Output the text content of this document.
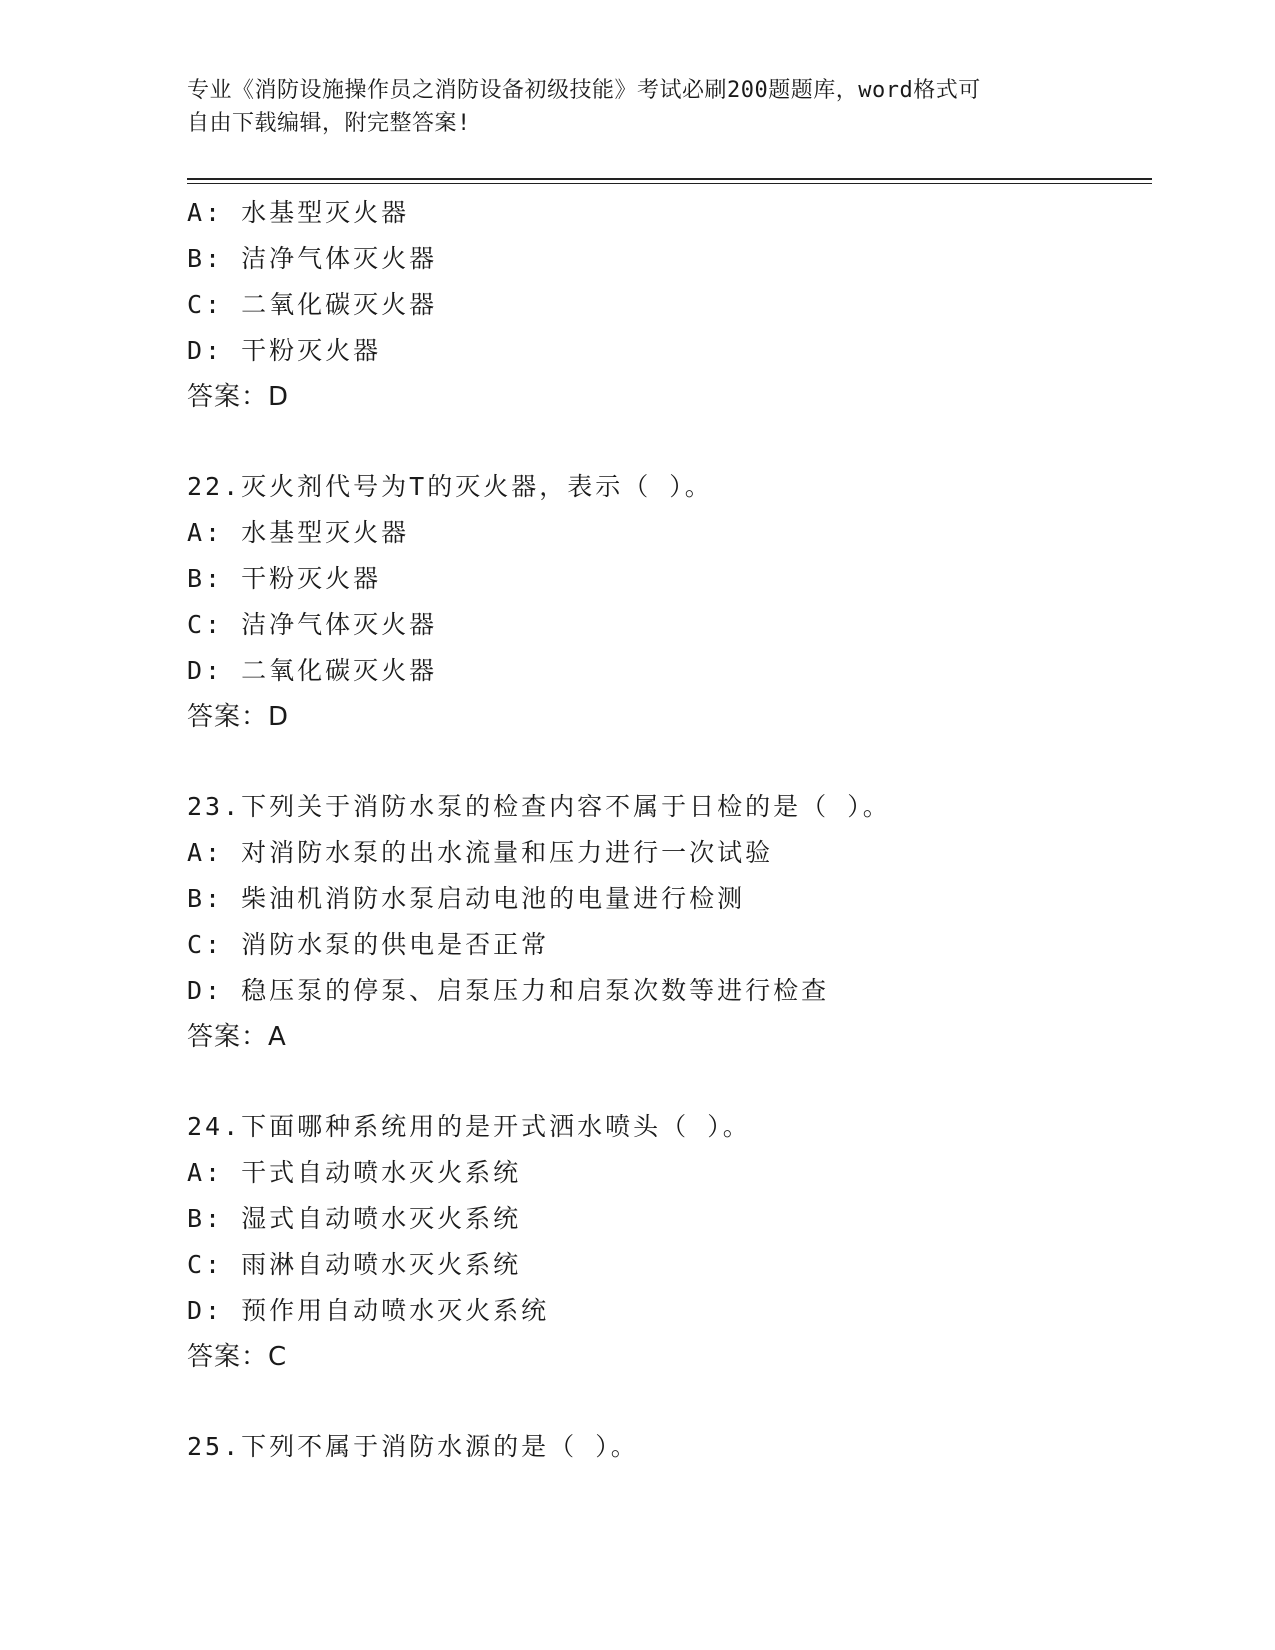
专业《消防设施操作员之消防设备初级技能》考试必刷200题题库，word格式可
自由下载编辑，附完整答案!
A: 水基型灭火器
B: 洁净气体灭火器
C: 二氧化碳灭火器
D: 干粉灭火器
答案：D
22.灭火剂代号为T的灭火器，表示（ ）。
A: 水基型灭火器
B: 干粉灭火器
C: 洁净气体灭火器
D: 二氧化碳灭火器
答案：D
23.下列关于消防水泵的检查内容不属于日检的是（ ）。
A: 对消防水泵的出水流量和压力进行一次试验
B: 柴油机消防水泵启动电池的电量进行检测
C: 消防水泵的供电是否正常
D: 稳压泵的停泵、启泵压力和启泵次数等进行检查
答案：A
24.下面哪种系统用的是开式洒水喷头（ ）。
A: 干式自动喷水灭火系统
B: 湿式自动喷水灭火系统
C: 雨淋自动喷水灭火系统
D: 预作用自动喷水灭火系统
答案：C
25.下列不属于消防水源的是（ ）。
